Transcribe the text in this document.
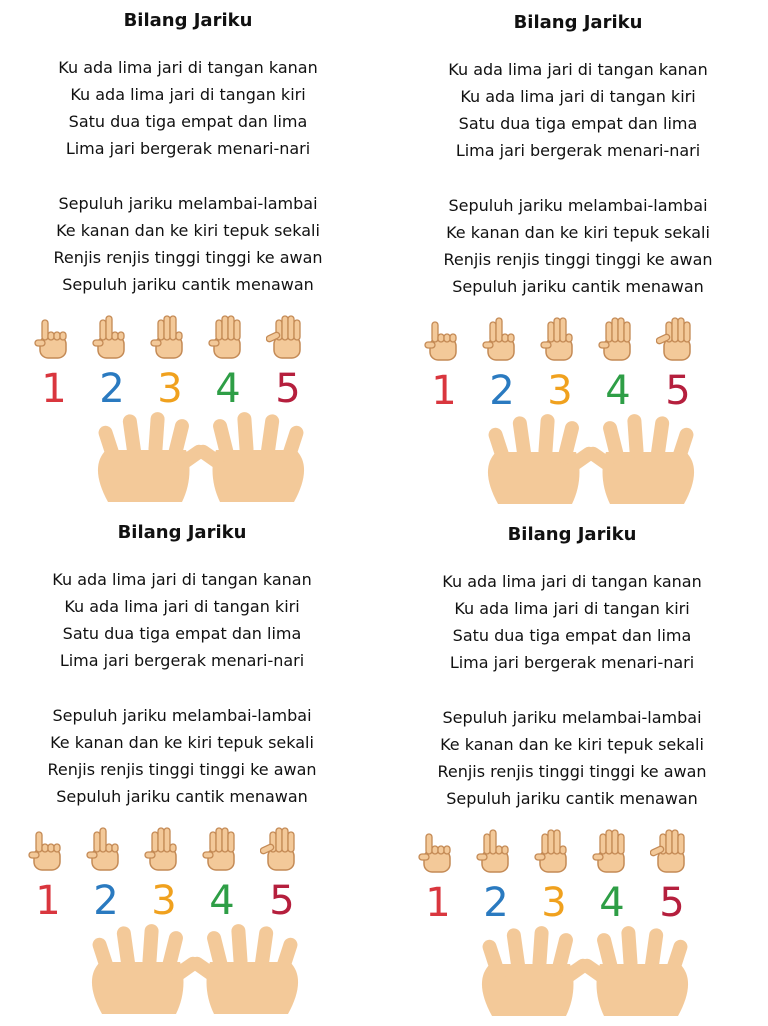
Bilang Jariku
Ku ada lima jari di tangan kanan
Ku ada lima jari di tangan kiri
Satu dua tiga empat dan lima
Lima jari bergerak menari-nari
Sepuluh jariku melambai-lambai
Ke kanan dan ke kiri tepuk sekali
Renjis renjis tinggi tinggi ke awan
Sepuluh jariku cantik menawan
1 2 3 4 5
Bilang Jariku
Ku ada lima jari di tangan kanan
Ku ada lima jari di tangan kiri
Satu dua tiga empat dan lima
Lima jari bergerak menari-nari
Sepuluh jariku melambai-lambai
Ke kanan dan ke kiri tepuk sekali
Renjis renjis tinggi tinggi ke awan
Sepuluh jariku cantik menawan
1 2 3 4 5
Bilang Jariku
Ku ada lima jari di tangan kanan
Ku ada lima jari di tangan kiri
Satu dua tiga empat dan lima
Lima jari bergerak menari-nari
Sepuluh jariku melambai-lambai
Ke kanan dan ke kiri tepuk sekali
Renjis renjis tinggi tinggi ke awan
Sepuluh jariku cantik menawan
1 2 3 4 5
Bilang Jariku
Ku ada lima jari di tangan kanan
Ku ada lima jari di tangan kiri
Satu dua tiga empat dan lima
Lima jari bergerak menari-nari
Sepuluh jariku melambai-lambai
Ke kanan dan ke kiri tepuk sekali
Renjis renjis tinggi tinggi ke awan
Sepuluh jariku cantik menawan
1 2 3 4 5
